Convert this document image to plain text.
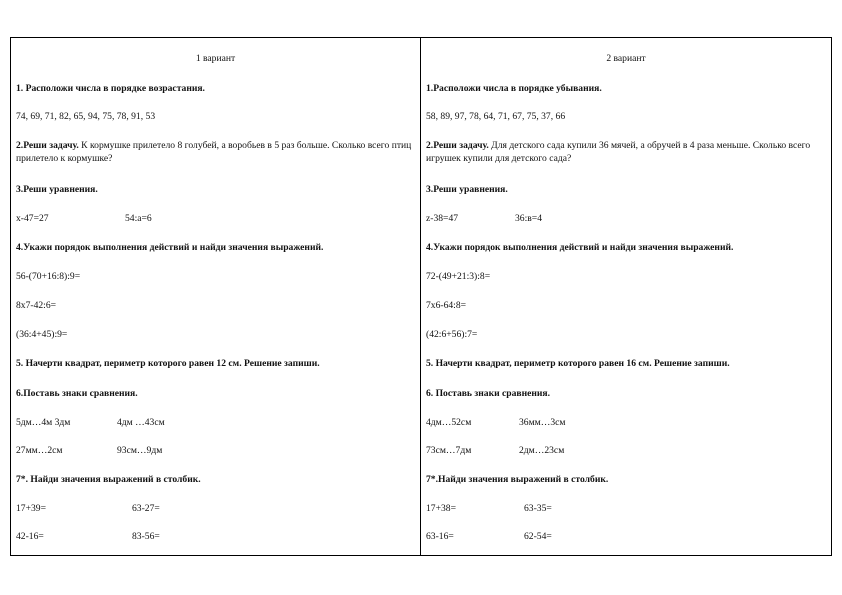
1 вариант
1. Расположи числа в порядке возрастания.
74, 69, 71, 82, 65, 94, 75, 78, 91, 53
2.Реши задачу. К кормушке прилетело 8 голубей, а воробьев в 5 раз больше. Сколько всего птиц прилетело к кормушке?
3.Реши уравнения.
х-47=27	54:а=6
4.Укажи порядок выполнения действий и найди значения выражений.
56-(70+16:8):9=
8х7-42:6=
(36:4+45):9=
5. Начерти квадрат, периметр которого равен 12 см. Решение запиши.
6.Поставь знаки сравнения.
5дм…4м 3дм	4дм …43см
27мм…2см	93см…9дм
7*. Найди значения выражений в столбик.
17+39=	63-27=
42-16=	83-56=
2 вариант
1.Расположи числа в порядке убывания.
58, 89, 97, 78, 64, 71, 67, 75, 37, 66
2.Реши задачу. Для детского сада купили 36 мячей, а обручей в 4 раза меньше. Сколько всего игрушек купили для детского сада?
3.Реши уравнения.
z-38=47	36:в=4
4.Укажи порядок выполнения действий и найди значения выражений.
72-(49+21:3):8=
7х6-64:8=
(42:6+56):7=
5. Начерти квадрат, периметр которого равен 16 см. Решение запиши.
6. Поставь знаки сравнения.
4дм…52см	36мм…3см
73см…7дм	2дм…23см
7*.Найди значения выражений в столбик.
17+38=	63-35=
63-16=	62-54=
